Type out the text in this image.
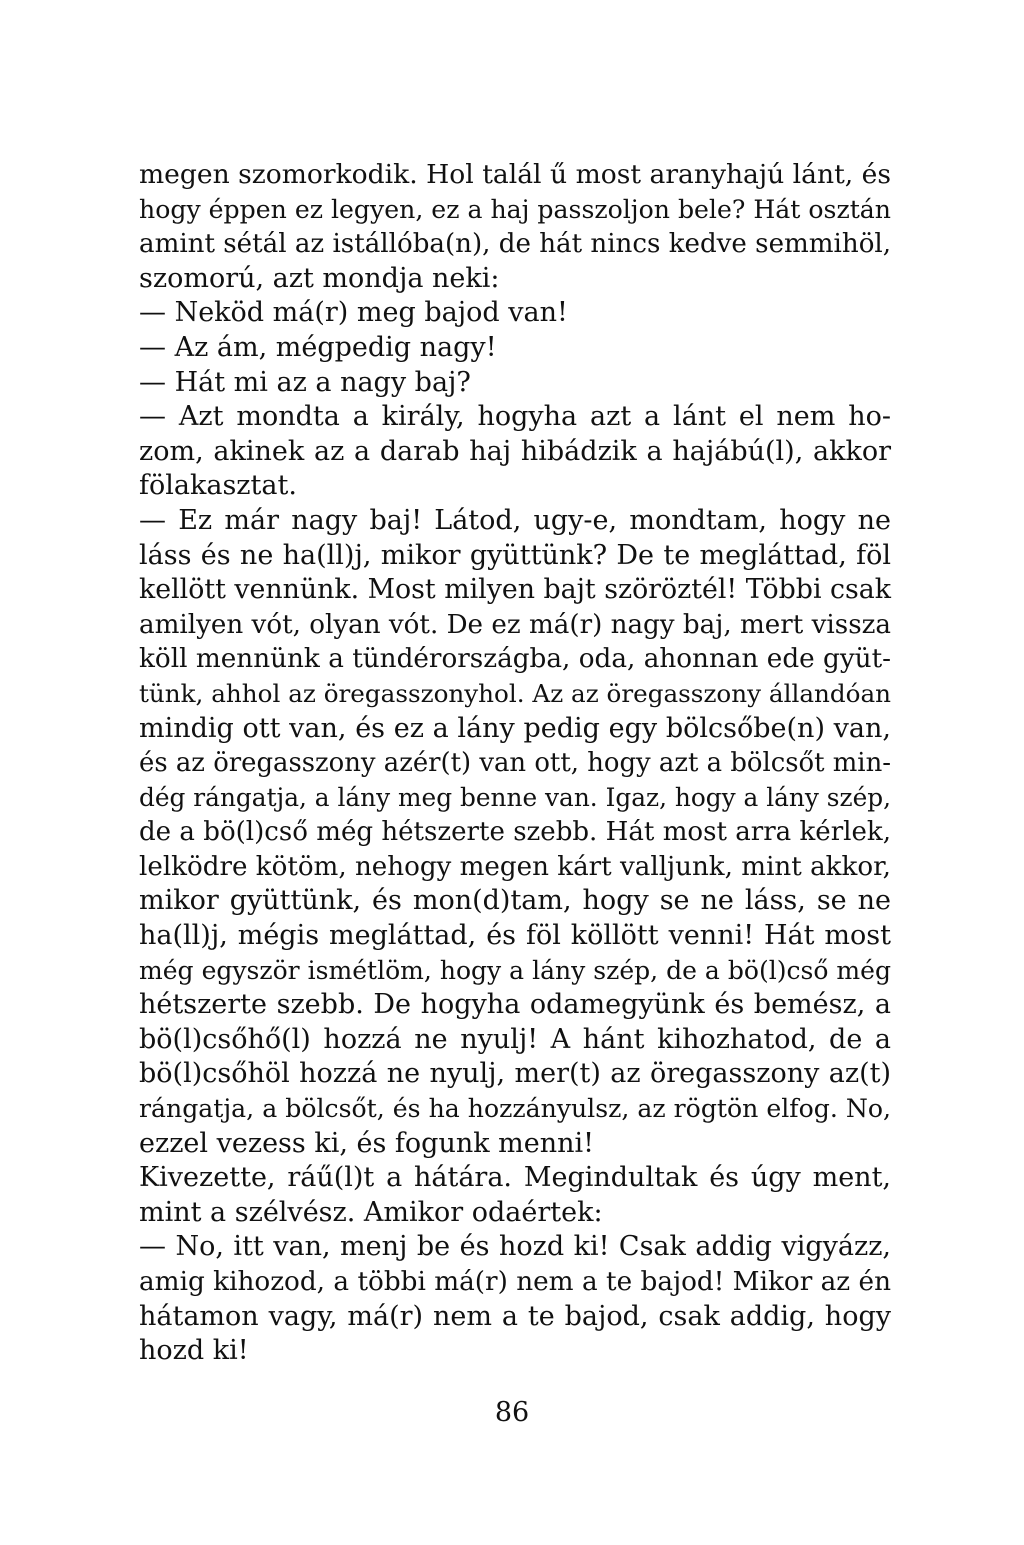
megen szomorkodik. Hol talál ű most aranyhajú lánt, és
hogy éppen ez legyen, ez a haj passzoljon bele? Hát osztán
amint sétál az istállóba(n), de hát nincs kedve semmihöl,
szomorú, azt mondja neki:
— Neköd má(r) meg bajod van!
— Az ám, mégpedig nagy!
— Hát mi az a nagy baj?
— Azt mondta a király, hogyha azt a lánt el nem ho-
zom, akinek az a darab haj hibádzik a hajábú(l), akkor
fölakasztat.
— Ez már nagy baj! Látod, ugy-e, mondtam, hogy ne
láss és ne ha(ll)j, mikor gyüttünk? De te megláttad, föl
kellött vennünk. Most milyen bajt szöröztél! Többi csak
amilyen vót, olyan vót. De ez má(r) nagy baj, mert vissza
köll mennünk a tündérországba, oda, ahonnan ede gyüt-
tünk, ahhol az öregasszonyhol. Az az öregasszony állandóan
mindig ott van, és ez a lány pedig egy bölcsőbe(n) van,
és az öregasszony azér(t) van ott, hogy azt a bölcsőt min-
dég rángatja, a lány meg benne van. Igaz, hogy a lány szép,
de a bö(l)cső még hétszerte szebb. Hát most arra kérlek,
lelködre kötöm, nehogy megen kárt valljunk, mint akkor,
mikor gyüttünk, és mon(d)tam, hogy se ne láss, se ne
ha(ll)j, mégis megláttad, és föl köllött venni! Hát most
még egyször ismétlöm, hogy a lány szép, de a bö(l)cső még
hétszerte szebb. De hogyha odamegyünk és bemész, a
bö(l)csőhő(l) hozzá ne nyulj! A hánt kihozhatod, de a
bö(l)csőhöl hozzá ne nyulj, mer(t) az öregasszony az(t)
rángatja, a bölcsőt, és ha hozzányulsz, az rögtön elfog. No,
ezzel vezess ki, és fogunk menni!
Kivezette, ráű(l)t a hátára. Megindultak és úgy ment,
mint a szélvész. Amikor odaértek:
— No, itt van, menj be és hozd ki! Csak addig vigyázz,
amig kihozod, a többi má(r) nem a te bajod! Mikor az én
hátamon vagy, má(r) nem a te bajod, csak addig, hogy
hozd ki!
86
